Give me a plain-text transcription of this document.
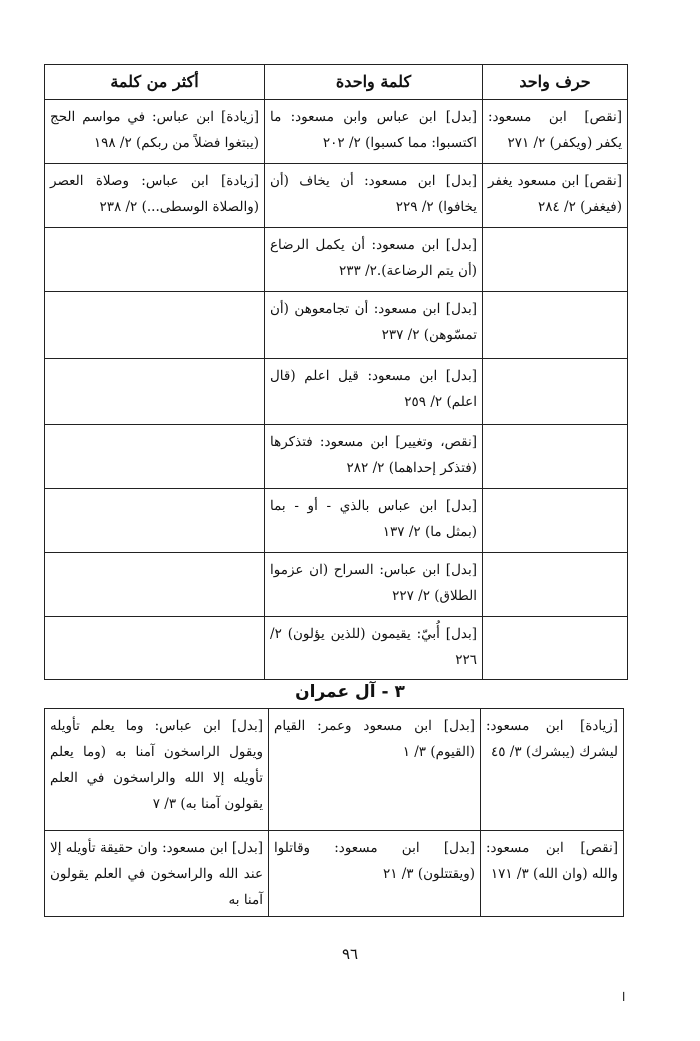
حرف واحد	كلمة واحدة	أكثر من كلمة
[نقص] ابن مسعود: يكفر (ويكفر) ٢/ ٢٧١	[بدل] ابن عباس وابن مسعود: ما اكتسبوا: مما كسبوا) ٢/ ٢٠٢	[زيادة] ابن عباس: في مواسم الحج (يبتغوا فضلاً من ربكم) ٢/ ١٩٨
[نقص] ابن مسعود يغفر (فيغفر) ٢/ ٢٨٤	[بدل] ابن مسعود: أن يخاف (أن يخافوا) ٢/ ٢٢٩	[زيادة] ابن عباس: وصلاة العصر (والصلاة الوسطى...) ٢/ ٢٣٨
	[بدل] ابن مسعود: أن يكمل الرضاع (أن يتم الرضاعة).٢/ ٢٣٣	
	[بدل] ابن مسعود: أن تجامعوهن (أن تمسّوهن) ٢/ ٢٣٧	
	[بدل] ابن مسعود: قيل اعلم (قال اعلم) ٢/ ٢٥٩	
	[نقص، وتغيير] ابن مسعود: فتذكرها (فتذكر إحداهما) ٢/ ٢٨٢	
	[بدل] ابن عباس بالذي - أو - بما (بمثل ما) ٢/ ١٣٧	
	[بدل] ابن عباس: السراح (ان عزموا الطلاق) ٢/ ٢٢٧	
	[بدل] أُبيّ: يقيمون (للذين يؤلون) ٢/ ٢٢٦	
٣ - آل عمران
[زيادة] ابن مسعود: ليشرك (يبشرك) ٣/ ٤٥	[بدل] ابن مسعود وعمر: القيام (القيوم) ٣/ ١	[بدل] ابن عباس: وما يعلم تأويله ويقول الراسخون آمنا به (وما يعلم تأويله إلا الله والراسخون في العلم يقولون آمنا به) ٣/ ٧
[نقص] ابن مسعود: والله (وان الله) ٣/ ١٧١	[بدل] ابن مسعود: وقاتلوا (ويقتتلون) ٣/ ٢١	[بدل] ابن مسعود: وان حقيقة تأويله إلا عند الله والراسخون في العلم يقولون آمنا به
٩٦
ا
